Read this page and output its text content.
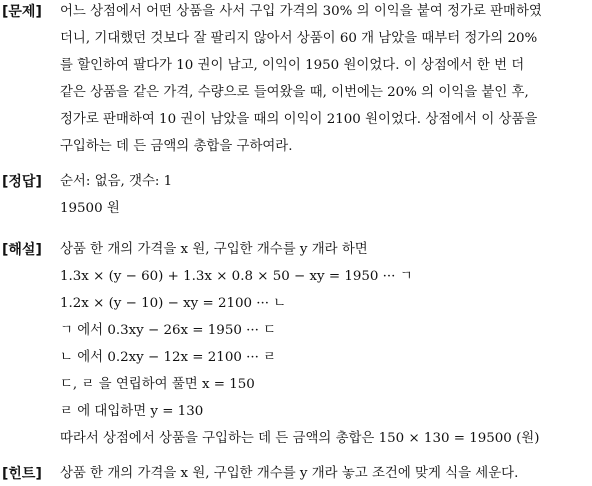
[문제] 어느 상점에서 어떤 상품을 사서 구입 가격의 30% 의 이익을 붙여 정가로 판매하였
더니, 기대했던 것보다 잘 팔리지 않아서 상품이 60 개 남았을 때부터 정가의 20%
를 할인하여 팔다가 10 권이 남고, 이익이 1950 원이었다. 이 상점에서 한 번 더
같은 상품을 같은 가격, 수량으로 들여왔을 때, 이번에는 20% 의 이익을 붙인 후,
정가로 판매하여 10 권이 남았을 때의 이익이 2100 원이었다. 상점에서 이 상품을
구입하는 데 든 금액의 총합을 구하여라.
[정답] 순서: 없음, 갯수: 1
19500 원
[해설] 상품 한 개의 가격을 x 원, 구입한 개수를 y 개라 하면
1.3x × (y − 60) + 1.3x × 0.8 × 50 − xy = 1950 ··· ㄱ
1.2x × (y − 10) − xy = 2100 ··· ㄴ
ㄱ 에서 0.3xy − 26x = 1950 ··· ㄷ
ㄴ 에서 0.2xy − 12x = 2100 ··· ㄹ
ㄷ, ㄹ 을 연립하여 풀면 x = 150
ㄹ 에 대입하면 y = 130
따라서 상점에서 상품을 구입하는 데 든 금액의 총합은 150 × 130 = 19500 (원)
[힌트] 상품 한 개의 가격을 x 원, 구입한 개수를 y 개라 놓고 조건에 맞게 식을 세운다.
